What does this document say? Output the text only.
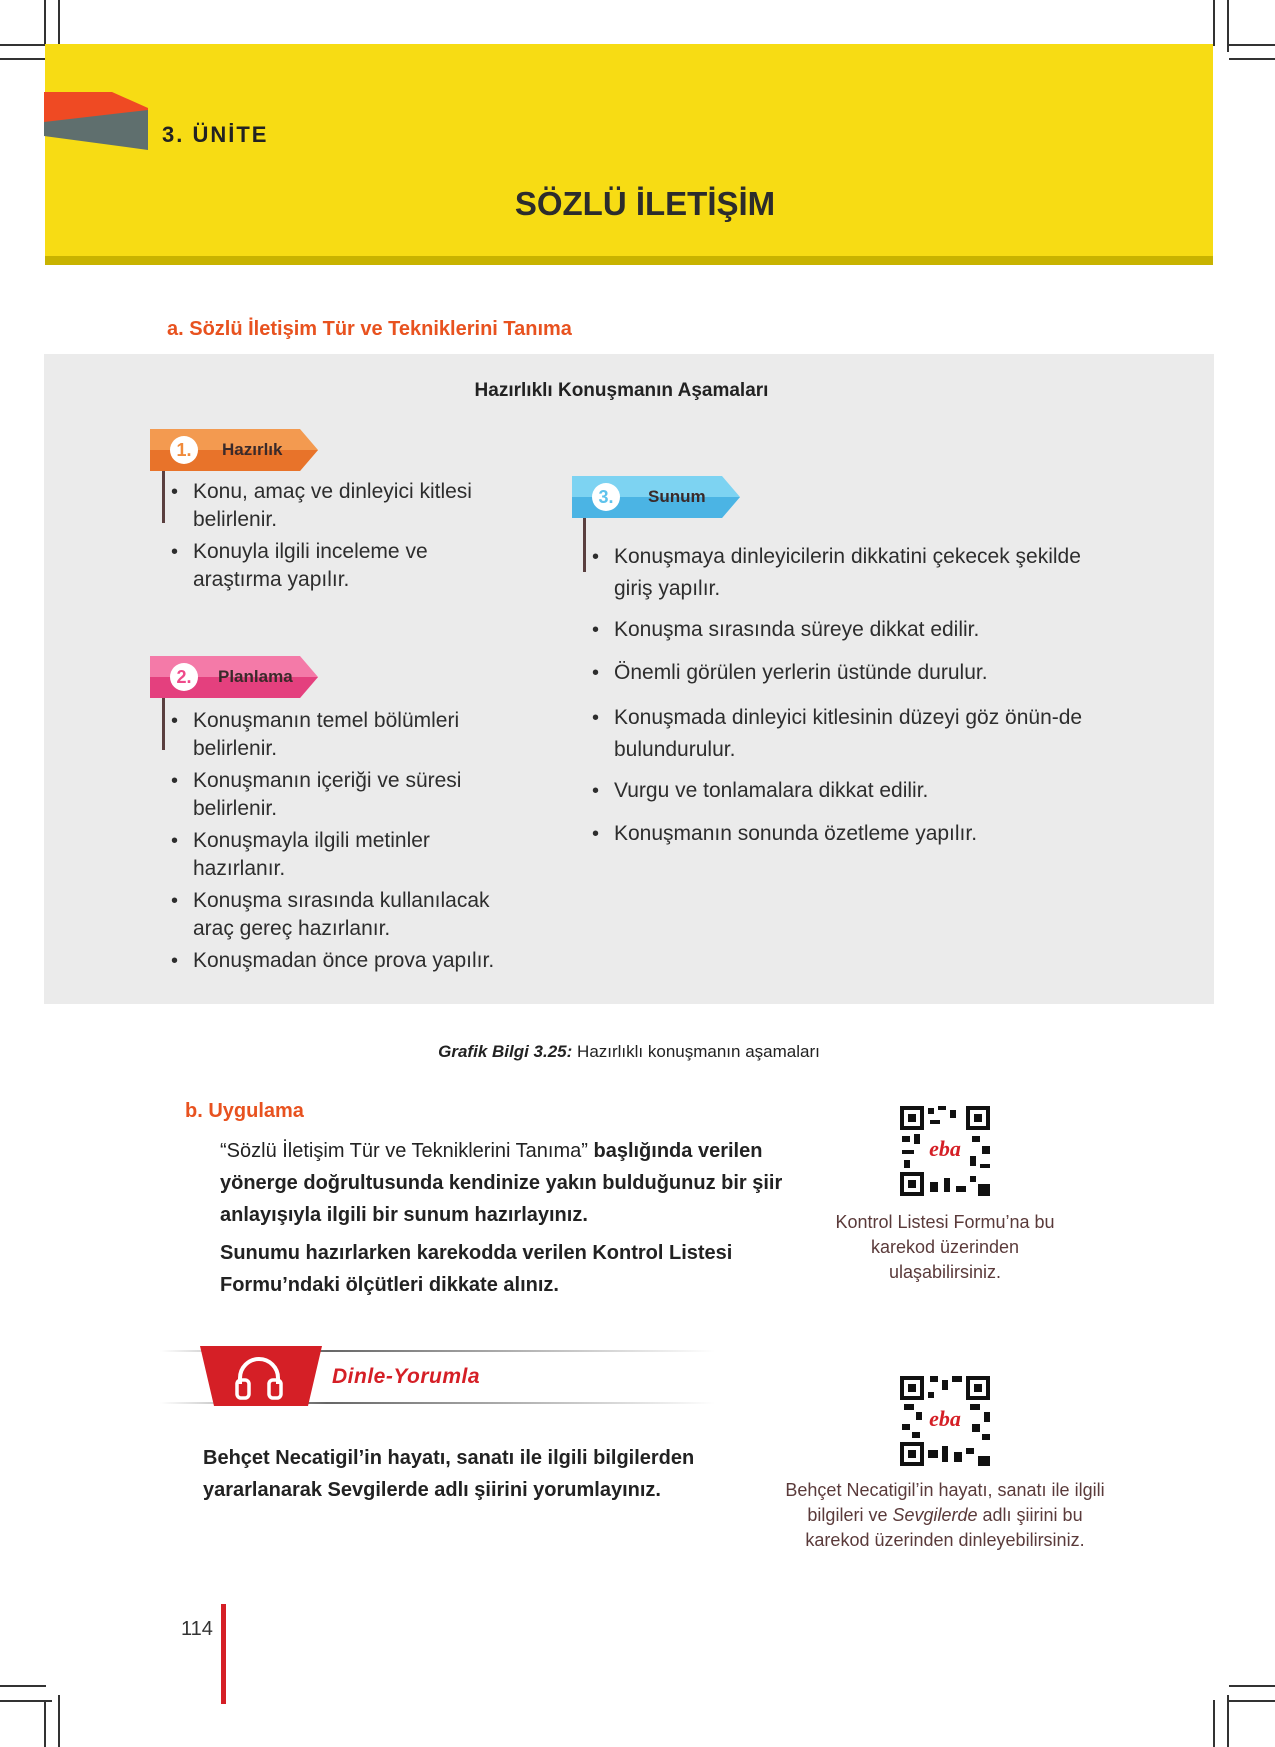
3. ÜNİTE
SÖZLÜ İLETİŞİM
a. Sözlü İletişim Tür ve Tekniklerini Tanıma
Hazırlıklı Konuşmanın Aşamaları
1.	Hazırlık
• Konu, amaç ve dinleyici kitlesi belirlenir.
• Konuyla ilgili inceleme ve araştırma yapılır.
2.	Planlama
• Konuşmanın temel bölümleri belirlenir.
• Konuşmanın içeriği ve süresi belirlenir.
• Konuşmayla ilgili metinler hazırlanır.
• Konuşma sırasında kullanılacak araç gereç hazırlanır.
• Konuşmadan önce prova yapılır.
3.	Sunum
• Konuşmaya dinleyicilerin dikkatini çekecek şekilde giriş yapılır.
• Konuşma sırasında süreye dikkat edilir.
• Önemli görülen yerlerin üstünde durulur.
• Konuşmada dinleyici kitlesinin düzeyi göz önün-de bulundurulur.
• Vurgu ve tonlamalara dikkat edilir.
• Konuşmanın sonunda özetleme yapılır.
Grafik Bilgi 3.25: Hazırlıklı konuşmanın aşamaları
b. Uygulama

“Sözlü İletişim Tür ve Tekniklerini Tanıma” başlığında verilen yönerge doğrultusunda kendinize yakın bulduğunuz bir şiir anlayışıyla ilgili bir sunum hazırlayınız.

Sunumu hazırlarken karekodda verilen Kontrol Listesi Formu’ndaki ölçütleri dikkate alınız.

eba
Kontrol Listesi Formu’na bu karekod üzerinden ulaşabilirsiniz.
Dinle-Yorumla
Behçet Necatigil’in hayatı, sanatı ile ilgili bilgilerden yararlanarak Sevgilerde adlı şiirini yorumlayınız.
eba
Behçet Necatigil’in hayatı, sanatı ile ilgili bilgileri ve Sevgilerde adlı şiirini bu karekod üzerinden dinleyebilirsiniz.
114
